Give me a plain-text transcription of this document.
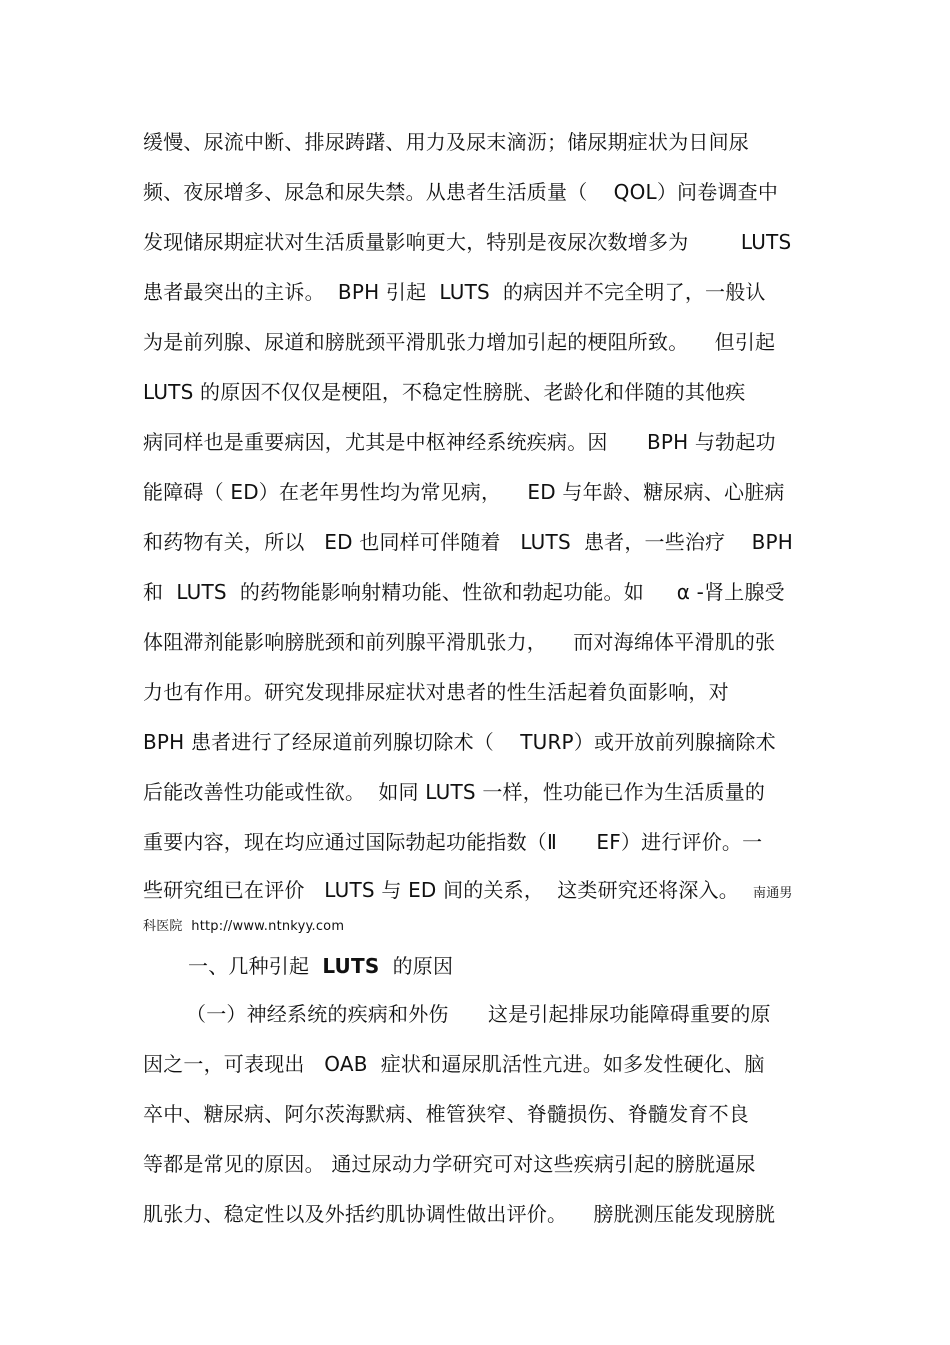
缓慢、尿流中断、排尿踌躇、用力及尿末滴沥；储尿期症状为日间尿
频、夜尿增多、尿急和尿失禁。从患者生活质量（    QOL）问卷调查中
发现储尿期症状对生活质量影响更大，特别是夜尿次数增多为        LUTS
患者最突出的主诉。  BPH 引起  LUTS  的病因并不完全明了，一般认
为是前列腺、尿道和膀胱颈平滑肌张力增加引起的梗阻所致。    但引起
LUTS 的原因不仅仅是梗阻，不稳定性膀胱、老龄化和伴随的其他疾
病同样也是重要病因，尤其是中枢神经系统疾病。因      BPH 与勃起功
能障碍（ ED）在老年男性均为常见病，    ED 与年龄、糖尿病、心脏病
和药物有关，所以   ED 也同样可伴随着   LUTS  患者，一些治疗    BPH
和  LUTS  的药物能影响射精功能、性欲和勃起功能。如     α -肾上腺受
体阻滞剂能影响膀胱颈和前列腺平滑肌张力，    而对海绵体平滑肌的张
力也有作用。研究发现排尿症状对患者的性生活起着负面影响，对
BPH 患者进行了经尿道前列腺切除术（    TURP）或开放前列腺摘除术
后能改善性功能或性欲。  如同 LUTS 一样，性功能已作为生活质量的
重要内容，现在均应通过国际勃起功能指数（Ⅱ      EF）进行评价。一
些研究组已在评价   LUTS 与 ED 间的关系，  这类研究还将深入。 南通男
科医院  http://www.ntnkyy.com
一、几种引起  LUTS  的原因
（一）神经系统的疾病和外伤      这是引起排尿功能障碍重要的原
因之一，可表现出   OAB  症状和逼尿肌活性亢进。如多发性硬化、脑
卒中、糖尿病、阿尔茨海默病、椎管狭窄、脊髓损伤、脊髓发育不良
等都是常见的原因。 通过尿动力学研究可对这些疾病引起的膀胱逼尿
肌张力、稳定性以及外括约肌协调性做出评价。    膀胱测压能发现膀胱
